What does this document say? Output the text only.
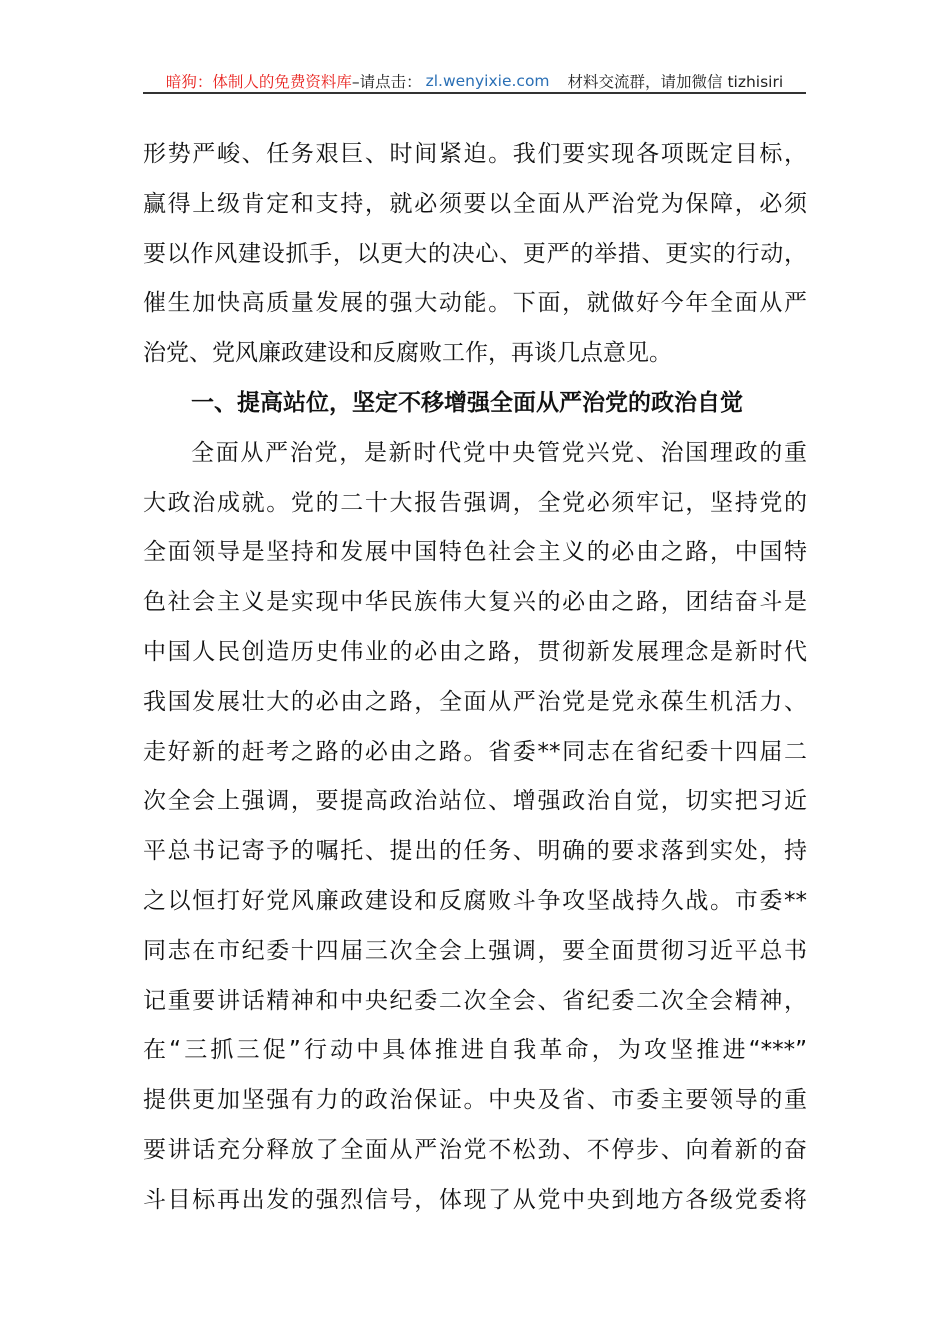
暗狗：体制人的免费资料库 –请点击： zl.wenyixie.com 材料交流群，请加微信 tizhisiri
形势严峻、任务艰巨、时间紧迫。我们要实现各项既定目标，
赢得上级肯定和支持，就必须要以全面从严治党为保障，必须
要以作风建设抓手，以更大的决心、更严的举措、更实的行动，
催生加快高质量发展的强大动能。下面，就做好今年全面从严
治党、党风廉政建设和反腐败工作，再谈几点意见。
一、提高站位，坚定不移增强全面从严治党的政治自觉
全面从严治党，是新时代党中央管党兴党、治国理政的重
大政治成就。党的二十大报告强调，全党必须牢记，坚持党的
全面领导是坚持和发展中国特色社会主义的必由之路，中国特
色社会主义是实现中华民族伟大复兴的必由之路，团结奋斗是
中国人民创造历史伟业的必由之路，贯彻新发展理念是新时代
我国发展壮大的必由之路，全面从严治党是党永葆生机活力、
走好新的赶考之路的必由之路。省委**同志在省纪委十四届二
次全会上强调，要提高政治站位、增强政治自觉，切实把习近
平总书记寄予的嘱托、提出的任务、明确的要求落到实处，持
之以恒打好党风廉政建设和反腐败斗争攻坚战持久战。市委**
同志在市纪委十四届三次全会上强调，要全面贯彻习近平总书
记重要讲话精神和中央纪委二次全会、省纪委二次全会精神，
在“三抓三促”行动中具体推进自我革命，为攻坚推进“***”
提供更加坚强有力的政治保证。中央及省、市委主要领导的重
要讲话充分释放了全面从严治党不松劲、不停步、向着新的奋
斗目标再出发的强烈信号，体现了从党中央到地方各级党委将
